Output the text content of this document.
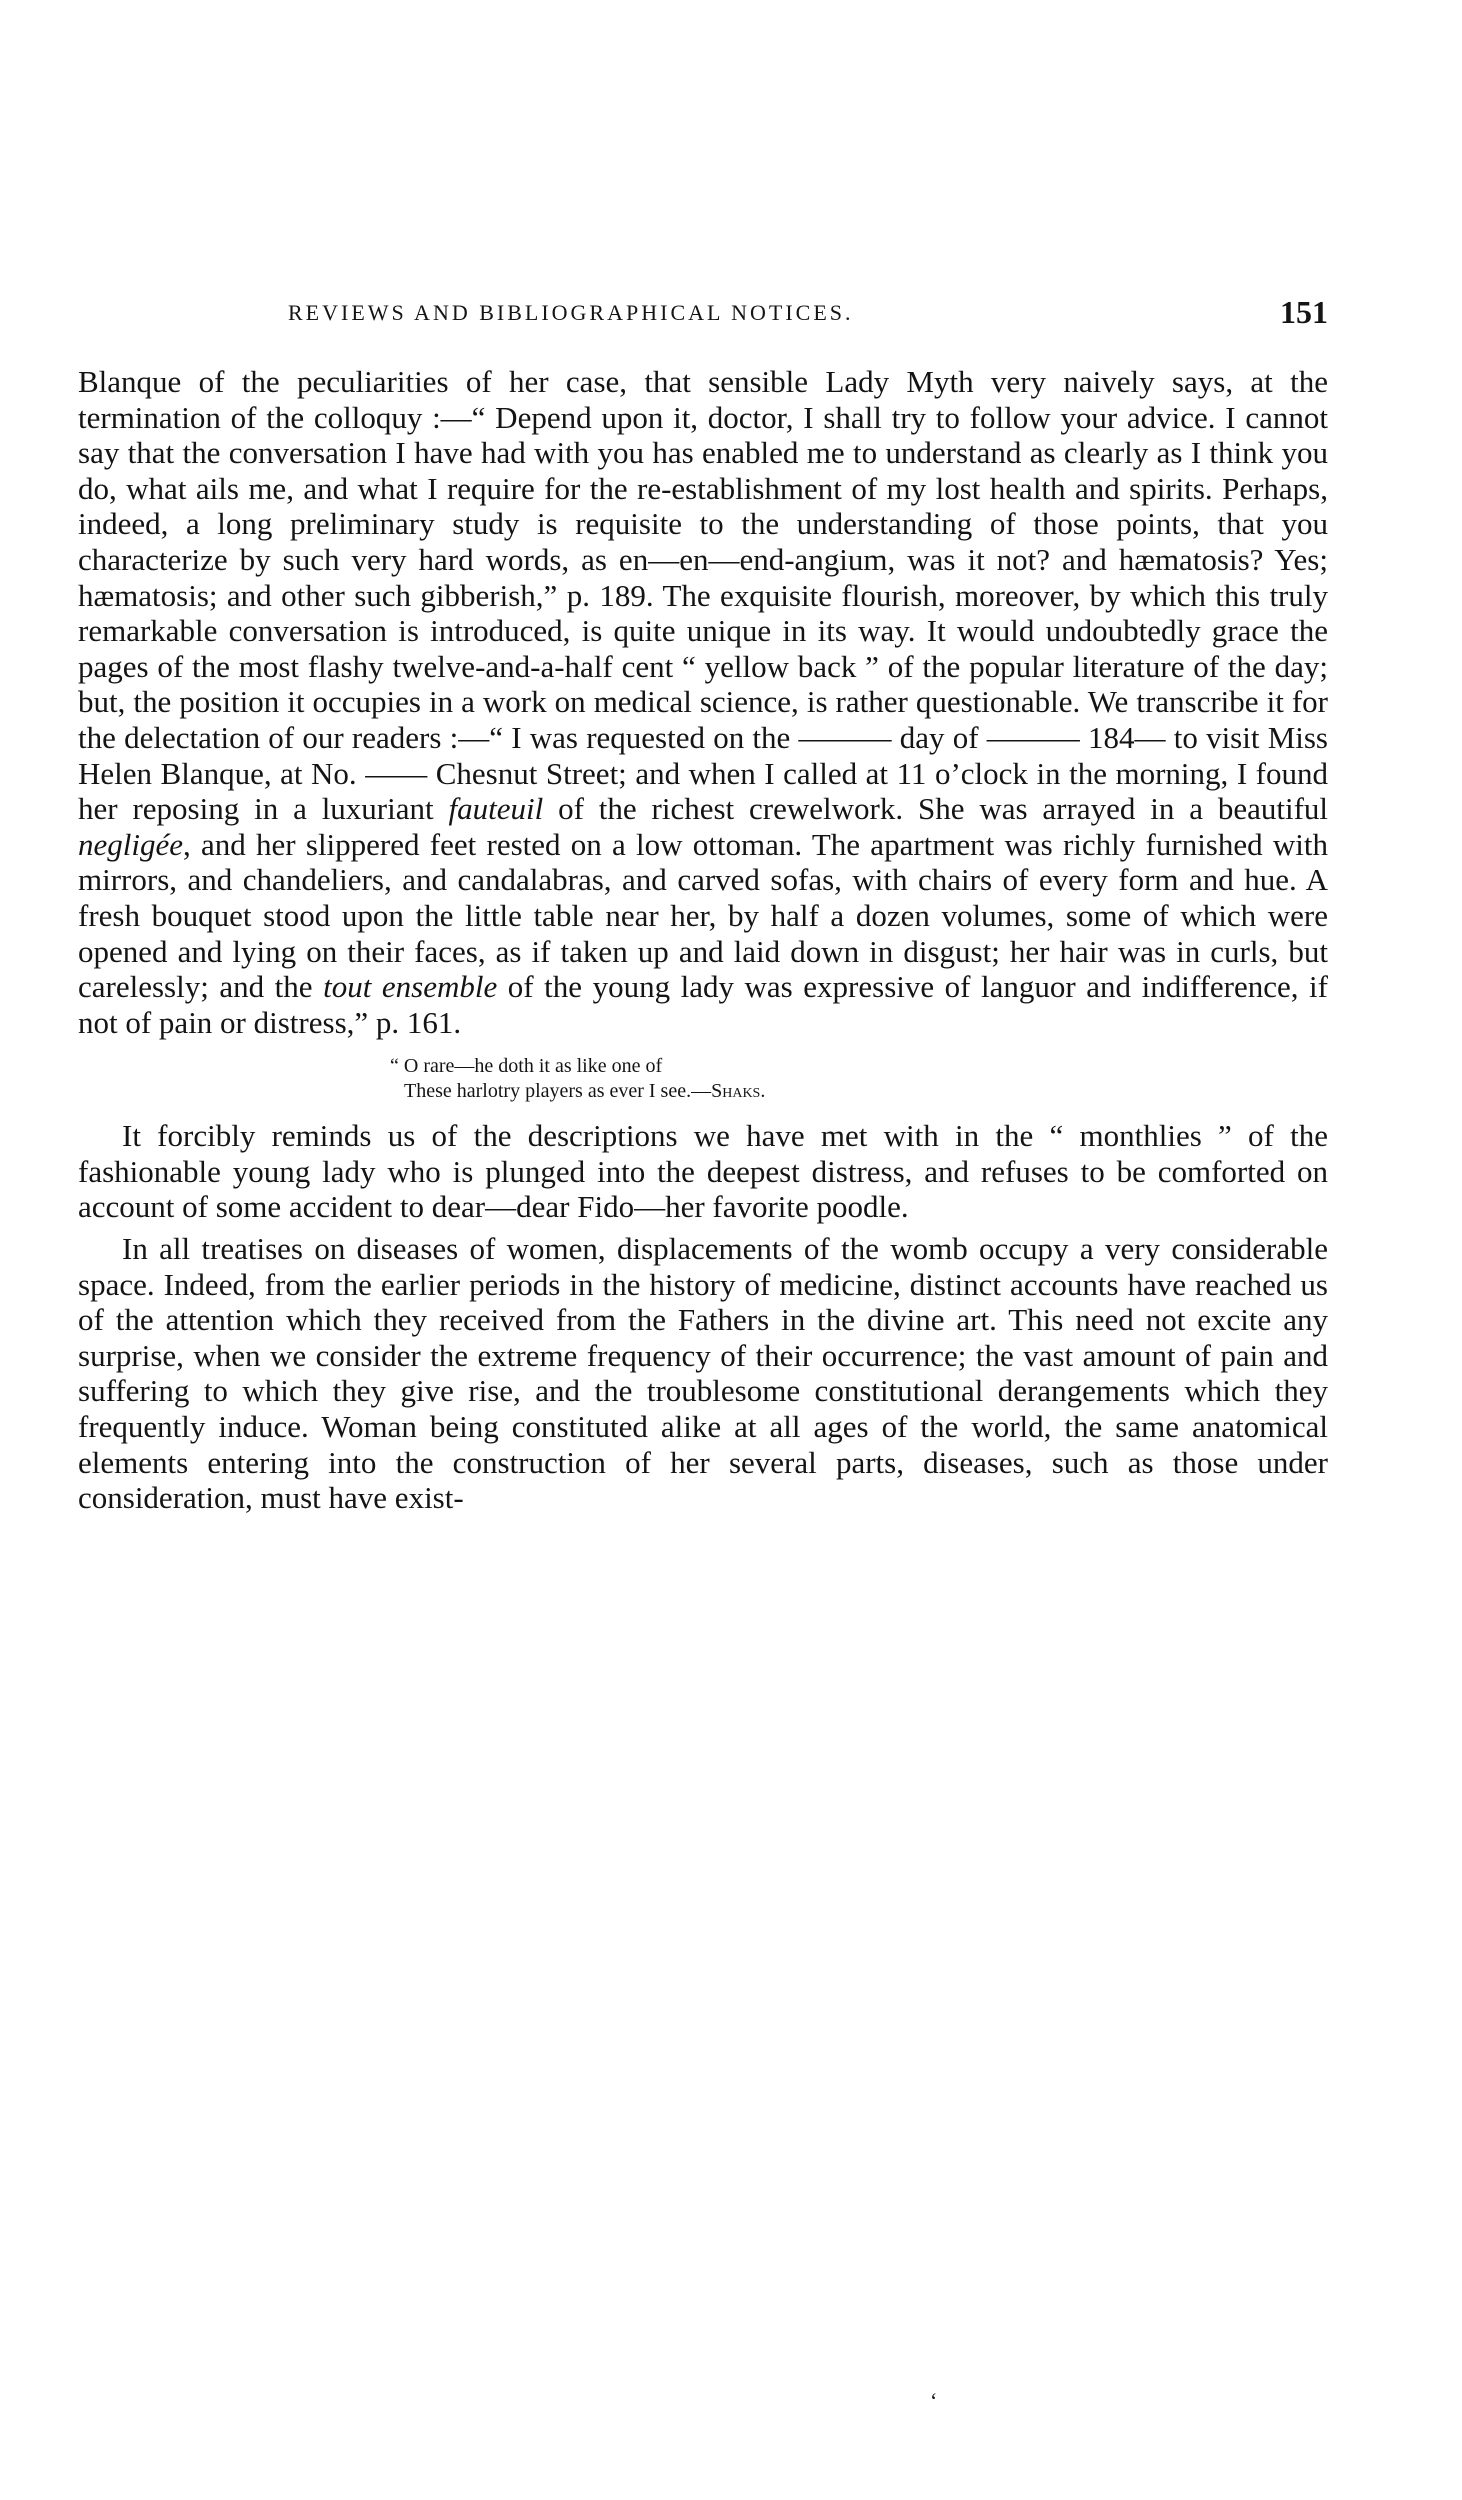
REVIEWS AND BIBLIOGRAPHICAL NOTICES.	151

Blanque of the peculiarities of her case, that sensible Lady Myth very naively says, at the termination of the colloquy :—“ Depend upon it, doctor, I shall try to follow your advice. I cannot say that the conversation I have had with you has enabled me to understand as clearly as I think you do, what ails me, and what I require for the re-establishment of my lost health and spirits. Perhaps, indeed, a long preliminary study is requisite to the understanding of those points, that you characterize by such very hard words, as en—en—end-angium, was it not? and hæmatosis? Yes; hæmatosis; and other such gibberish,” p. 189. The exquisite flourish, moreover, by which this truly remarkable conversation is introduced, is quite unique in its way. It would undoubtedly grace the pages of the most flashy twelve-and-a-half cent “ yellow back ” of the popular literature of the day; but, the position it occupies in a work on medical science, is rather questionable. We transcribe it for the delectation of our readers :—“ I was requested on the ——— day of ——— 184— to visit Miss Helen Blanque, at No. —— Chesnut Street; and when I called at 11 o’clock in the morning, I found her reposing in a luxuriant fauteuil of the richest crewelwork. She was arrayed in a beautiful negligée, and her slippered feet rested on a low ottoman. The apartment was richly furnished with mirrors, and chandeliers, and candalabras, and carved sofas, with chairs of every form and hue. A fresh bouquet stood upon the little table near her, by half a dozen volumes, some of which were opened and lying on their faces, as if taken up and laid down in disgust; her hair was in curls, but carelessly; and the tout ensemble of the young lady was expressive of languor and indifference, if not of pain or distress,” p. 161.

“ O rare—he doth it as like one of
These harlotry players as ever I see.—Shaks.

It forcibly reminds us of the descriptions we have met with in the “ monthlies ” of the fashionable young lady who is plunged into the deepest distress, and refuses to be comforted on account of some accident to dear—dear Fido—her favorite poodle.

In all treatises on diseases of women, displacements of the womb occupy a very considerable space. Indeed, from the earlier periods in the history of medicine, distinct accounts have reached us of the attention which they received from the Fathers in the divine art. This need not excite any surprise, when we consider the extreme frequency of their occurrence; the vast amount of pain and suffering to which they give rise, and the troublesome constitutional derangements which they frequently induce. Woman being constituted alike at all ages of the world, the same anatomical elements entering into the construction of her several parts, diseases, such as those under consideration, must have exist-

ʻ
